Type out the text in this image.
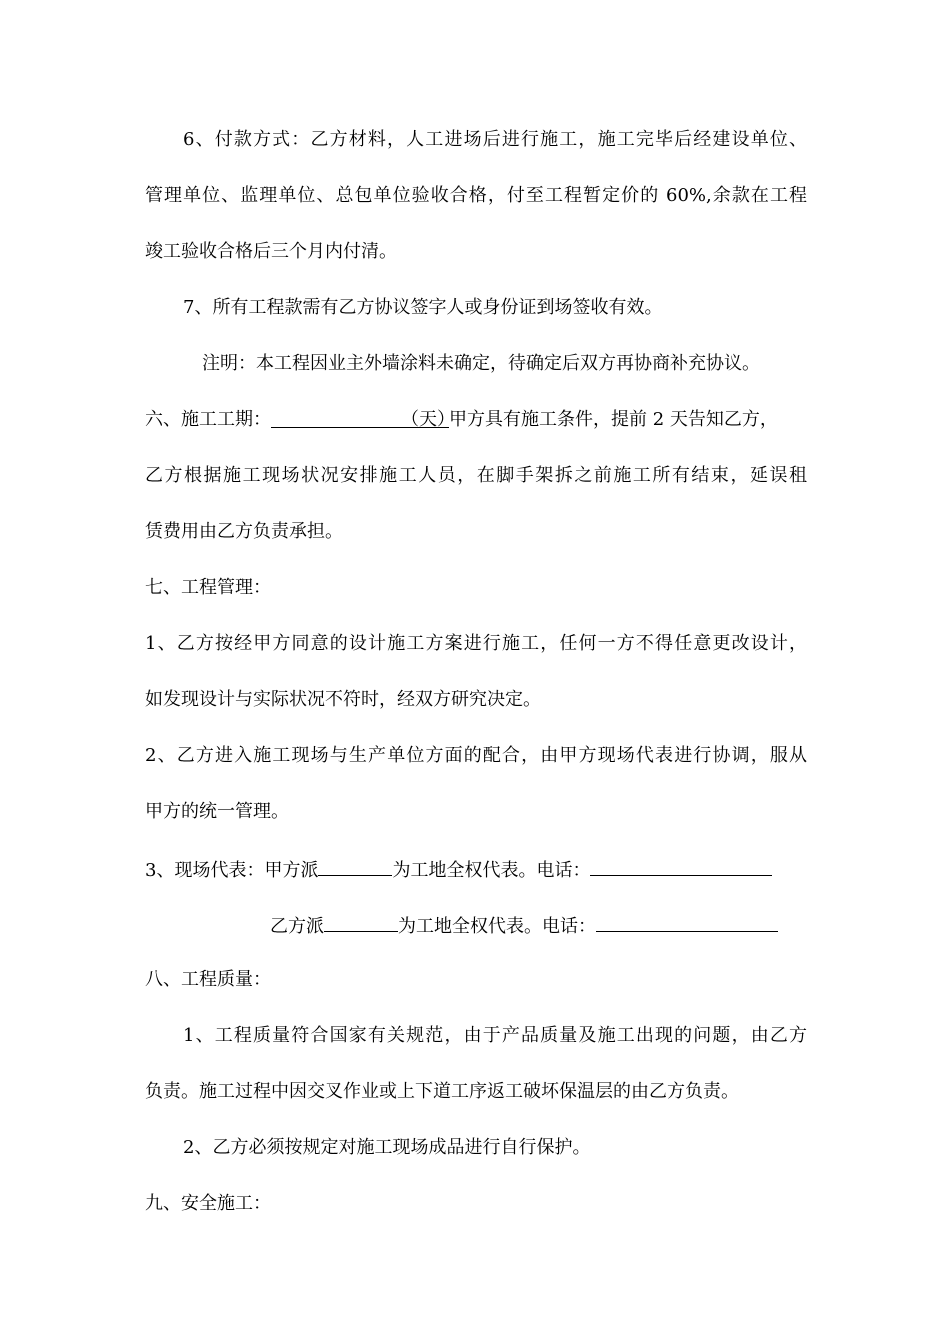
6、付款方式：乙方材料，人工进场后进行施工，施工完毕后经建设单位、

管理单位、监理单位、总包单位验收合格，付至工程暂定价的 60%,余款在工程

竣工验收合格后三个月内付清。

7、所有工程款需有乙方协议签字人或身份证到场签收有效。

注明：本工程因业主外墙涂料未确定，待确定后双方再协商补充协议。

六、施工工期：	（天）甲方具有施工条件，提前 2 天告知乙方，

乙方根据施工现场状况安排施工人员，在脚手架拆之前施工所有结束，延误租

赁费用由乙方负责承担。

七、工程管理：

1、乙方按经甲方同意的设计施工方案进行施工，任何一方不得任意更改设计，

如发现设计与实际状况不符时，经双方研究决定。

2、乙方进入施工现场与生产单位方面的配合，由甲方现场代表进行协调，服从

甲方的统一管理。

3、现场代表：甲方派	为工地全权代表。电话：

乙方派	为工地全权代表。电话：

八、工程质量：

1、工程质量符合国家有关规范，由于产品质量及施工出现的问题，由乙方

负责。施工过程中因交叉作业或上下道工序返工破坏保温层的由乙方负责。

2、乙方必须按规定对施工现场成品进行自行保护。

九、安全施工：
